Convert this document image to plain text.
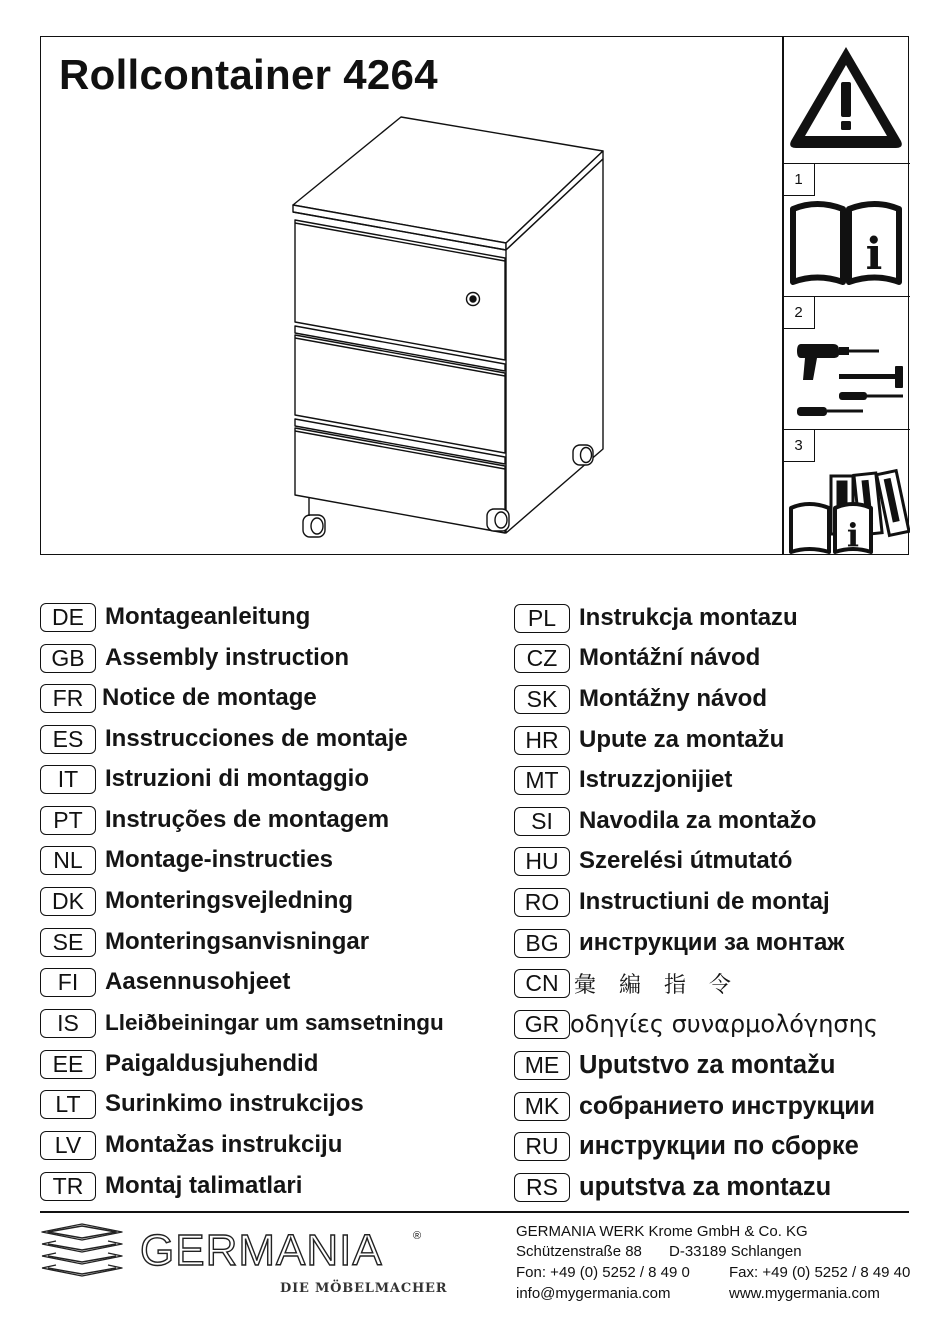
Rollcontainer 4264
1
i
2
3
i
DE Montageanleitung
GB Assembly instruction
FR Notice de montage
ES Insstrucciones de montaje
IT	Istruzioni di montaggio
PT Instruções de montagem
NL Montage-instructies
DK Monteringsvejledning
SE Monteringsanvisningar
FI	Aasennusohjeet
IS	Lleiðbeiningar um samsetningu
EE Paigaldusjuhendid
LT	Surinkimo instrukcijos
LV Montažas instrukciju
TR Montaj talimatlari
PL Instrukcja montazu
CZ Montážní návod
SK Montážny návod
HR Upute za montažu
MT Istruzzjonijiet
SI	Navodila za montažo
HU Szerelési útmutató
RO Instructiuni de montaj
BG инструкции за монтаж
CN 彙 編 指 令
GR οδηγίες συναρμολόγησης
ME Uputstvo za montažu
MK собранието инструкции
RU инструкции по сборке
RS uputstva za montazu
GERMANIA	®
DIE MÖBELMACHER
GERMANIA WERK Krome GmbH & Co. KG
Schützenstraße 88 D-33189 Schlangen
Fon: +49 (0) 5252 / 8 49 0	Fax: +49 (0) 5252 / 8 49 40
info@mygermania.com	www.mygermania.com
